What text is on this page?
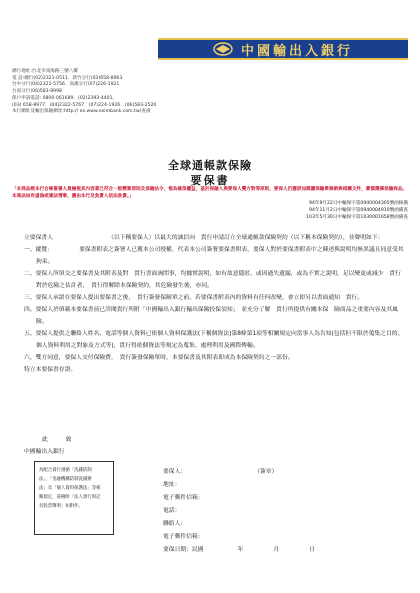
中國輸出入銀行
總行地址:台北市南海路三號八樓
電 話:總行(02)2321-0511．新竹分行(03)658-8963
台中分行(04)2322-5756．高雄分行(07)226-1921
台南分行(06)583-8998
保戶申訴電話: 0800-061689．(02)2393-4401、
(03) 658-8977．(04)2322-5767．(07)224-1926．(06)583-2520
本行網址及輸出保險網址:http:// ex.www.eximbank.com.tw/查詢
全球通帳款保險
要保書
「本商品經本行合條簽署人員檢視其內容業已符合一般精算原則及保險法令，惟為確保權益，基於保險人與要保人雙方對等原則，要保人仍應詳加閱讀保險單條款與相關文件，審慎選擇保險商品。本商品如有虛偽或違法情事，應由本行及負責人依法負責。」
94年9月22日中輸保字第0940004305號函核備
94年11月2日中輸保字第0940004910號函備查
103年5月30日中輸保字第1030001658號函備查

立要保書人　　　　　　　　　　（以下稱要保人）以最大的誠信向　貴行申請訂立全球通帳款保險契約（以下稱本保險契約），並聲明如下：

一、縱覽：　　　　　要保書附表之簽署人已獲本公司授權，代表本公司簽署要保書附表，要保人對於要保書附表中之陳述與說明均無異議且同意受其拘束。

二、要保人所填交之要保書及其附表及對　貴行書面詢問事，均據實說明，如有故意隱匿、或因過失遺漏，或為不實之說明，足以變更或減少　貴行對於危險之估計者，　貴行得解除本保險契約，其危險發生後，亦同。

三、要保人承諾在要保人提出要保書之後，　貴行簽發保險單之前，若要保書附表內的資料有任何改變，會立即另以書面通知　貴行。

四、要保人於填載本要保書前已詳閱貴行所附「中國輸出入銀行輸出保險投保須知」　並充分了解　貴行所提供有關本保　險商品之重要內容及其風險。

五、要保人提供之聯絡人姓名、電話等個人資料已依個人資料保護法(下稱個資法)第8條第1項等相關規定向當事人為告知(包括但不限於蒐集之目的、個人資料利用之對象及方式等)，貴行得依個資法等規定為蒐集、處理利用及國際傳輸。

六、雙方同意，要保人交付保險費，　貴行簽發保險單時，本要保書及其附表即成為本保險契約之一部份。

特立本要保書存證。

此　致
中國輸出入銀行
為配合貴行遵循「洗錢防制
法」、「金融機構防制洗錢辦
法」及「個人資料保護法」等相
關規定，茲檢附「法人發行與記
名股票聲明」如附件。
要保人：	（簽章）
地址：
電子郵件信箱：
電話：
聯絡人：
電子郵件信箱：
要保日期：民國	年	月	日
